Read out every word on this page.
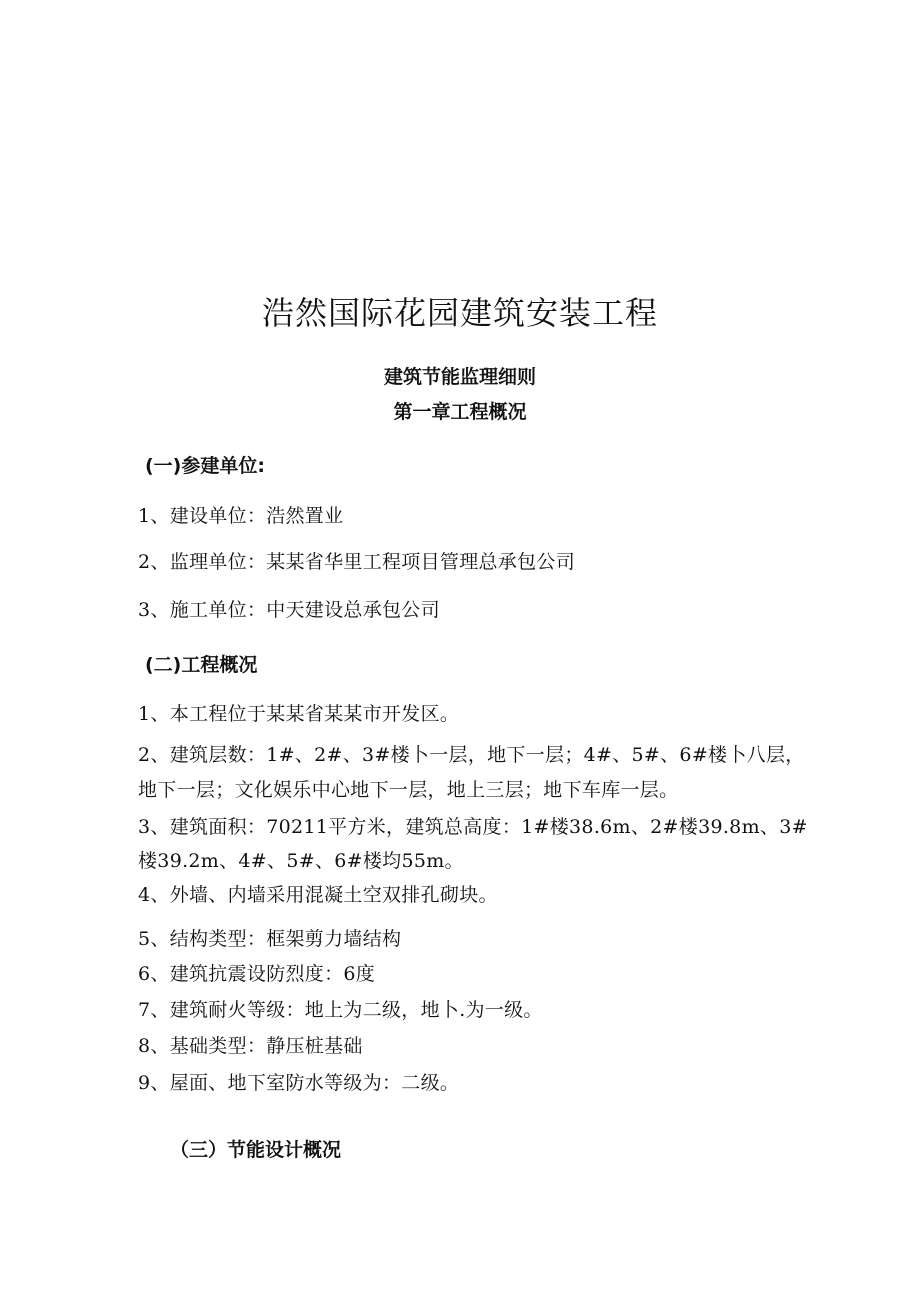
浩然国际花园建筑安装工程
建筑节能监理细则
第一章工程概况
(一)参建单位:
1、建设单位：浩然置业
2、监理单位：某某省华里工程项目管理总承包公司
3、施工单位：中天建设总承包公司
(二)工程概况
1、本工程位于某某省某某市开发区。
2、建筑层数：1#、2#、3#楼卜一层，地下一层；4#、5#、6#楼卜八层，
地下一层；文化娱乐中心地下一层，地上三层；地下车库一层。
3、建筑面积：70211平方米，建筑总高度：1#楼38.6m、2#楼39.8m、3#
楼39.2m、4#、5#、6#楼均55m。
4、外墙、内墙采用混凝土空双排孔砌块。
5、结构类型：框架剪力墙结构
6、建筑抗震设防烈度：6度
7、建筑耐火等级：地上为二级，地卜.为一级。
8、基础类型：静压桩基础
9、屋面、地下室防水等级为：二级。
（三）节能设计概况
